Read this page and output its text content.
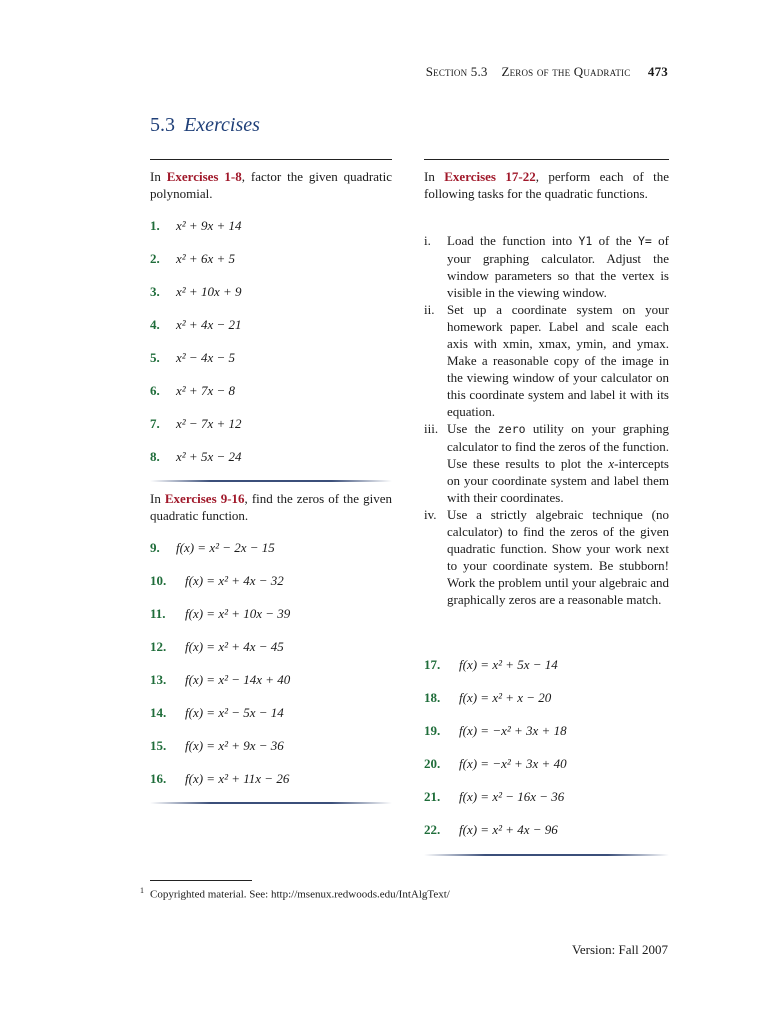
Section 5.3 Zeros of the Quadratic 473
5.3 Exercises
In Exercises 1-8, factor the given quadratic polynomial.
1. x² + 9x + 14
2. x² + 6x + 5
3. x² + 10x + 9
4. x² + 4x − 21
5. x² − 4x − 5
6. x² + 7x − 8
7. x² − 7x + 12
8. x² + 5x − 24
In Exercises 9-16, find the zeros of the given quadratic function.
9. f(x) = x² − 2x − 15
10. f(x) = x² + 4x − 32
11. f(x) = x² + 10x − 39
12. f(x) = x² + 4x − 45
13. f(x) = x² − 14x + 40
14. f(x) = x² − 5x − 14
15. f(x) = x² + 9x − 36
16. f(x) = x² + 11x − 26
In Exercises 17-22, perform each of the following tasks for the quadratic functions.
i.	Load the function into Y1 of the Y= of your graphing calculator. Adjust the window parameters so that the vertex is visible in the viewing window.
ii. Set up a coordinate system on your homework paper. Label and scale each axis with xmin, xmax, ymin, and ymax. Make a reasonable copy of the image in the viewing window of your calculator on this coordinate system and label it with its equation.
iii. Use the zero utility on your graphing calculator to find the zeros of the function. Use these results to plot the x-intercepts on your coordinate system and label them with their coordinates.
iv. Use a strictly algebraic technique (no calculator) to find the zeros of the given quadratic function. Show your work next to your coordinate system. Be stubborn! Work the problem until your algebraic and graphically zeros are a reasonable match.
17. f(x) = x² + 5x − 14
18. f(x) = x² + x − 20
19. f(x) = −x² + 3x + 18
20. f(x) = −x² + 3x + 40
21. f(x) = x² − 16x − 36
22. f(x) = x² + 4x − 96
$^1$ Copyrighted material. See: http://msenux.redwoods.edu/IntAlgText/
Version: Fall 2007
